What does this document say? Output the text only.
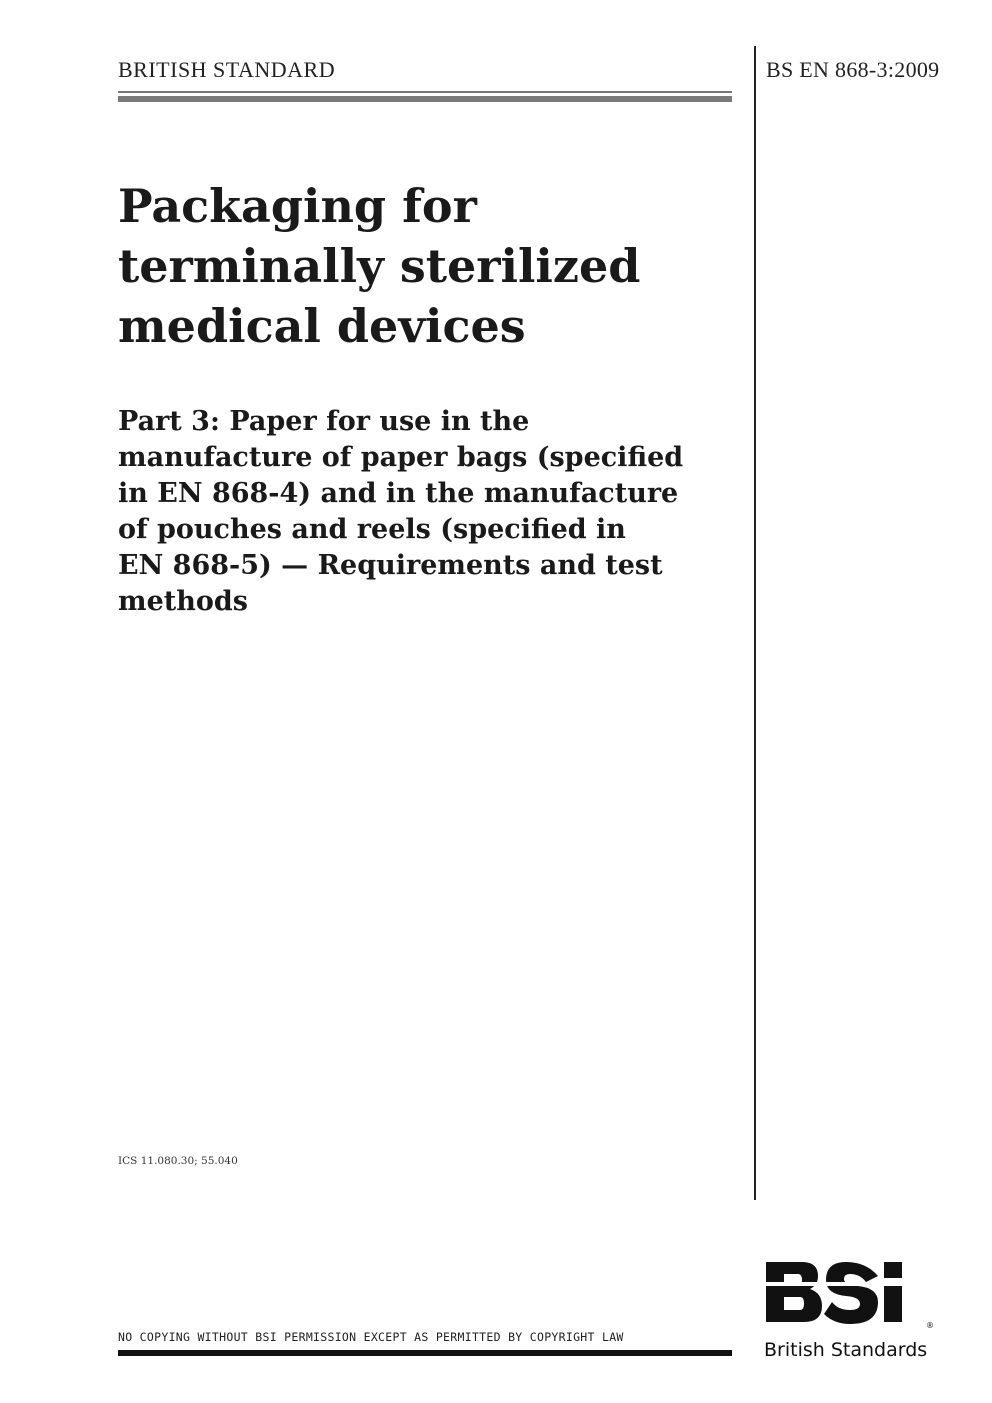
BRITISH STANDARD	BS EN 868-3:2009
Packaging for
terminally sterilized
medical devices
Part 3: Paper for use in the
manufacture of paper bags (specified
in EN 868-4) and in the manufacture
of pouches and reels (specified in
EN 868-5) — Requirements and test
methods
ICS 11.080.30; 55.040
NO COPYING WITHOUT BSI PERMISSION EXCEPT AS PERMITTED BY COPYRIGHT LAW
®
British Standards
